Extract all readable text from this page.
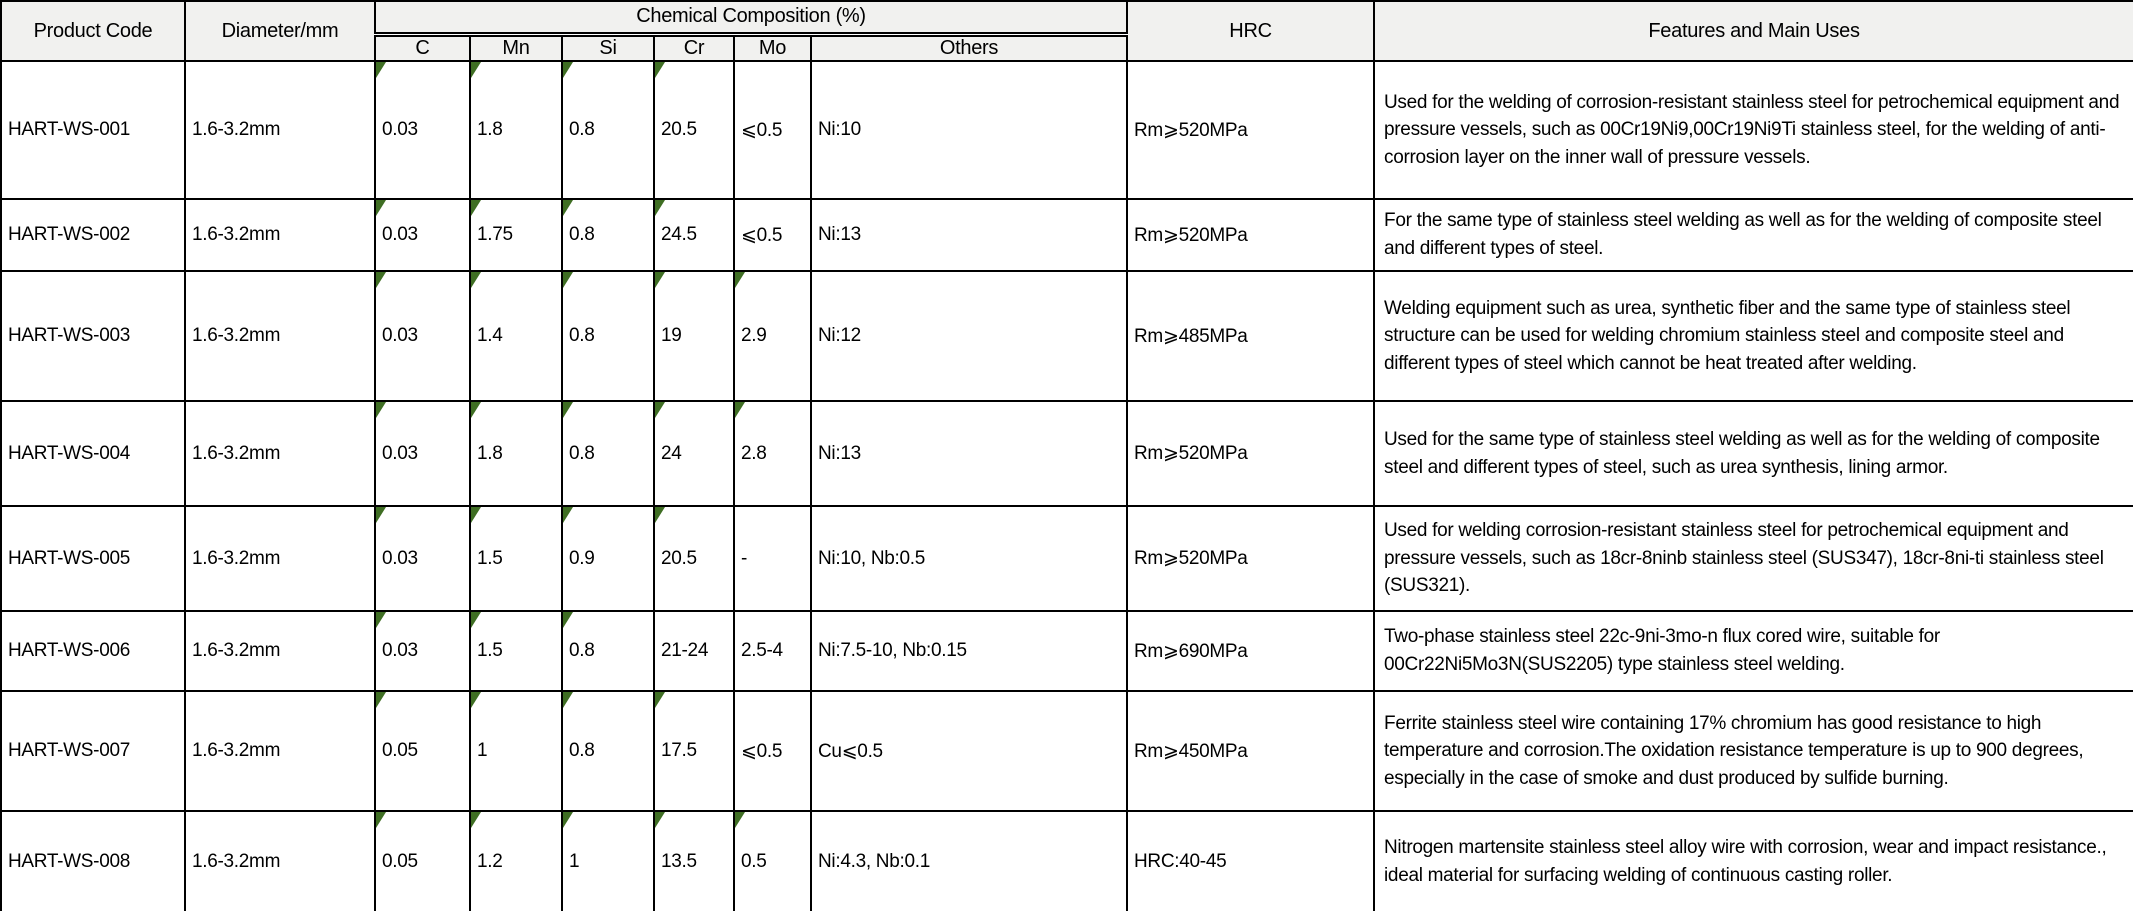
Product Code	Diameter/mm	Chemical Composition (%)						HRC	Features and Main Uses
		C	Mn	Si	Cr	Mo	Others		
HART-WS-001	1.6-3.2mm	0.03	1.8	0.8	20.5	⩽0.5	Ni:10	Rm⩾520MPa	Used for the welding of corrosion-resistant stainless steel for petrochemical equipment and pressure vessels, such as 00Cr19Ni9,00Cr19Ni9Ti stainless steel, for the welding of anti-corrosion layer on the inner wall of pressure vessels.
HART-WS-002	1.6-3.2mm	0.03	1.75	0.8	24.5	⩽0.5	Ni:13	Rm⩾520MPa	For the same type of stainless steel welding as well as for the welding of composite steel and different types of steel.
HART-WS-003	1.6-3.2mm	0.03	1.4	0.8	19	2.9	Ni:12	Rm⩾485MPa	Welding equipment such as urea, synthetic fiber and the same type of stainless steel structure can be used for welding chromium stainless steel and composite steel and different types of steel which cannot be heat treated after welding.
HART-WS-004	1.6-3.2mm	0.03	1.8	0.8	24	2.8	Ni:13	Rm⩾520MPa	Used for the same type of stainless steel welding as well as for the welding of composite steel and different types of steel, such as urea synthesis, lining armor.
HART-WS-005	1.6-3.2mm	0.03	1.5	0.9	20.5	-	Ni:10, Nb:0.5	Rm⩾520MPa	Used for welding corrosion-resistant stainless steel for petrochemical equipment and pressure vessels, such as 18cr-8ninb stainless steel (SUS347), 18cr-8ni-ti stainless steel (SUS321).
HART-WS-006	1.6-3.2mm	0.03	1.5	0.8	21-24	2.5-4	Ni:7.5-10, Nb:0.15	Rm⩾690MPa	Two-phase stainless steel 22c-9ni-3mo-n flux cored wire, suitable for 00Cr22Ni5Mo3N(SUS2205) type stainless steel welding.
HART-WS-007	1.6-3.2mm	0.05	1	0.8	17.5	⩽0.5	Cu⩽0.5	Rm⩾450MPa	Ferrite stainless steel wire containing 17% chromium has good resistance to high temperature and corrosion.The oxidation resistance temperature is up to 900 degrees, especially in the case of smoke and dust produced by sulfide burning.
HART-WS-008	1.6-3.2mm	0.05	1.2	1	13.5	0.5	Ni:4.3, Nb:0.1	HRC:40-45	Nitrogen martensite stainless steel alloy wire with corrosion, wear and impact resistance., ideal material for surfacing welding of continuous casting roller.
